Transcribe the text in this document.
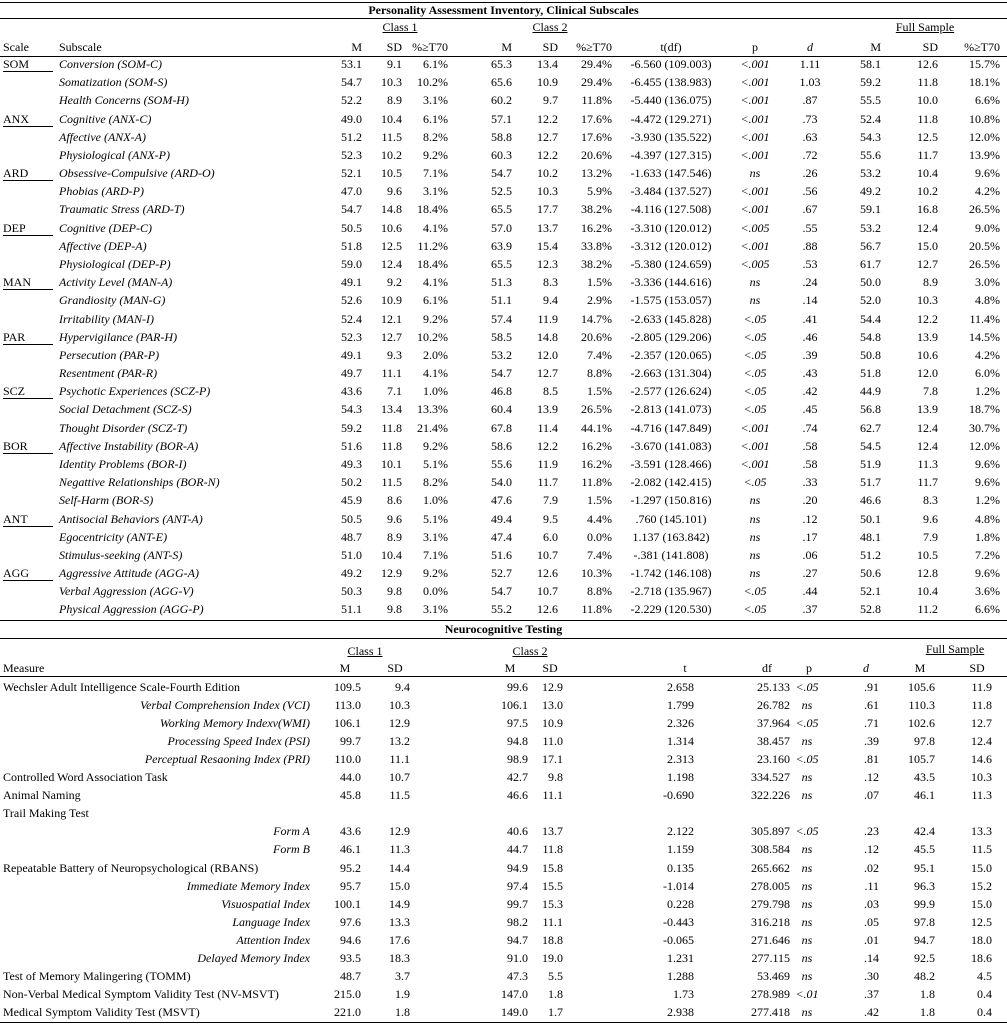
Personality Assessment Inventory, Clinical Subscales
Class 1	Class 2	Full Sample
Scale	Subscale	M	SD %≥T70	M	SD	%≥T70	t(df)	p	d	M	SD	%≥T70
SOM	Conversion (SOM-C)	53.1	9.1	6.1%	65.3	13.4	29.4%	-6.560 (109.003)	<.001	1.11	58.1	12.6	15.7%
Somatization (SOM-S)	54.7	10.3	10.2%	65.6	10.9	29.4%	-6.455 (138.983)	<.001	1.03	59.2	11.8	18.1%
Health Concerns (SOM-H)	52.2	8.9	3.1%	60.2	9.7	11.8%	-5.440 (136.075)	<.001	.87	55.5	10.0	6.6%
ANX	Cognitive (ANX-C)	49.0	10.4	6.1%	57.1	12.2	17.6%	-4.472 (129.271)	<.001	.73	52.4	11.8	10.8%
Affective (ANX-A)	51.2	11.5	8.2%	58.8	12.7	17.6%	-3.930 (135.522)	<.001	.63	54.3	12.5	12.0%
Physiological (ANX-P)	52.3	10.2	9.2%	60.3	12.2	20.6%	-4.397 (127.315)	<.001	.72	55.6	11.7	13.9%
ARD	Obsessive-Compulsive (ARD-O)	52.1	10.5	7.1%	54.7	10.2	13.2%	-1.633 (147.546)	ns	.26	53.2	10.4	9.6%
Phobias (ARD-P)	47.0	9.6	3.1%	52.5	10.3	5.9%	-3.484 (137.527)	<.001	.56	49.2	10.2	4.2%
Traumatic Stress (ARD-T)	54.7	14.8	18.4%	65.5	17.7	38.2%	-4.116 (127.508)	<.001	.67	59.1	16.8	26.5%
DEP	Cognitive (DEP-C)	50.5	10.6	4.1%	57.0	13.7	16.2%	-3.310 (120.012)	<.005	.55	53.2	12.4	9.0%
Affective (DEP-A)	51.8	12.5	11.2%	63.9	15.4	33.8%	-3.312 (120.012)	<.001	.88	56.7	15.0	20.5%
Physiological (DEP-P)	59.0	12.4	18.4%	65.5	12.3	38.2%	-5.380 (124.659)	<.005	.53	61.7	12.7	26.5%
MAN	Activity Level (MAN-A)	49.1	9.2	4.1%	51.3	8.3	1.5%	-3.336 (144.616)	ns	.24	50.0	8.9	3.0%
Grandiosity (MAN-G)	52.6	10.9	6.1%	51.1	9.4	2.9%	-1.575 (153.057)	ns	.14	52.0	10.3	4.8%
Irritability (MAN-I)	52.4	12.1	9.2%	57.4	11.9	14.7%	-2.633 (145.828)	<.05	.41	54.4	12.2	11.4%
PAR	Hypervigilance (PAR-H)	52.3	12.7	10.2%	58.5	14.8	20.6%	-2.805 (129.206)	<.05	.46	54.8	13.9	14.5%
Persecution (PAR-P)	49.1	9.3	2.0%	53.2	12.0	7.4%	-2.357 (120.065)	<.05	.39	50.8	10.6	4.2%
Resentment (PAR-R)	49.7	11.1	4.1%	54.7	12.7	8.8%	-2.663 (131.304)	<.05	.43	51.8	12.0	6.0%
SCZ	Psychotic Experiences (SCZ-P)	43.6	7.1	1.0%	46.8	8.5	1.5%	-2.577 (126.624)	<.05	.42	44.9	7.8	1.2%
Social Detachment (SCZ-S)	54.3	13.4	13.3%	60.4	13.9	26.5%	-2.813 (141.073)	<.05	.45	56.8	13.9	18.7%
Thought Disorder (SCZ-T)	59.2	11.8	21.4%	67.8	11.4	44.1%	-4.716 (147.849)	<.001	.74	62.7	12.4	30.7%
BOR	Affective Instability (BOR-A)	51.6	11.8	9.2%	58.6	12.2	16.2%	-3.670 (141.083)	<.001	.58	54.5	12.4	12.0%
Identity Problems (BOR-I)	49.3	10.1	5.1%	55.6	11.9	16.2%	-3.591 (128.466)	<.001	.58	51.9	11.3	9.6%
Negattive Relationships (BOR-N)	50.2	11.5	8.2%	54.0	11.7	11.8%	-2.082 (142.415)	<.05	.33	51.7	11.7	9.6%
Self-Harm (BOR-S)	45.9	8.6	1.0%	47.6	7.9	1.5%	-1.297 (150.816)	ns	.20	46.6	8.3	1.2%
ANT	Antisocial Behaviors (ANT-A)	50.5	9.6	5.1%	49.4	9.5	4.4%	.760 (145.101)	ns	.12	50.1	9.6	4.8%
Egocentricity (ANT-E)	48.7	8.9	3.1%	47.4	6.0	0.0%	1.137 (163.842)	ns	.17	48.1	7.9	1.8%
Stimulus-seeking (ANT-S)	51.0	10.4	7.1%	51.6	10.7	7.4%	-.381 (141.808)	ns	.06	51.2	10.5	7.2%
AGG	Aggressive Attitude (AGG-A)	49.2	12.9	9.2%	52.7	12.6	10.3%	-1.742 (146.108)	ns	.27	50.6	12.8	9.6%
Verbal Aggression (AGG-V)	50.3	9.8	0.0%	54.7	10.7	8.8%	-2.718 (135.967)	<.05	.44	52.1	10.4	3.6%
Physical Aggression (AGG-P)	51.1	9.8	3.1%	55.2	12.6	11.8%	-2.229 (120.530)	<.05	.37	52.8	11.2	6.6%
Neurocognitive Testing
Class 1	Class 2	Full Sample
Measure	M	SD	M	SD	t	df	p	d	M	SD
Wechsler Adult Intelligence Scale-Fourth Edition	109.5	9.4	99.6	12.9	2.658	25.133 <.05	.91 105.6	11.9
Verbal Comprehension Index (VCI)	113.0	10.3	106.1	13.0	1.799	26.782 ns	.61 110.3	11.8
Working Memory Indexv(WMI)	106.1	12.9	97.5	10.9	2.326	37.964 <.05	.71 102.6	12.7
Processing Speed Index (PSI)	99.7	13.2	94.8	11.0	1.314	38.457 ns	.39	97.8	12.4
Perceptual Resaoning Index (PRI)	110.0	11.1	98.9	17.1	2.313	23.160 <.05	.81 105.7	14.6
Controlled Word Association Task	44.0	10.7	42.7	9.8	1.198	334.527 ns	.12	43.5	10.3
Animal Naming	45.8	11.5	46.6	11.1	-0.690	322.226 ns	.07	46.1	11.3
Trail Making Test
Form A	43.6	12.9	40.6	13.7	2.122	305.897 <.05	.23	42.4	13.3
Form B	46.1	11.3	44.7	11.8	1.159	308.584 ns	.12	45.5	11.5
Repeatable Battery of Neuropsychological (RBANS)	95.2	14.4	94.9	15.8	0.135	265.662 ns	.02	95.1	15.0
Immediate Memory Index	95.7	15.0	97.4	15.5	-1.014	278.005 ns	.11	96.3	15.2
Visuospatial Index	100.1	14.9	99.7	15.3	0.228	279.798 ns	.03	99.9	15.0
Language Index	97.6	13.3	98.2	11.1	-0.443	316.218 ns	.05	97.8	12.5
Attention Index	94.6	17.6	94.7	18.8	-0.065	271.646 ns	.01	94.7	18.0
Delayed Memory Index	93.5	18.3	91.0	19.0	1.231	277.115 ns	.14	92.5	18.6
Test of Memory Malingering (TOMM)	48.7	3.7	47.3	5.5	1.288	53.469 ns	.30	48.2	4.5
Non-Verbal Medical Symptom Validity Test (NV-MSVT)	215.0	1.9	147.0	1.8	1.73	278.989 <.01	.37	1.8	0.4
Medical Symptom Validity Test (MSVT)	221.0	1.8	149.0	1.7	2.938	277.418 ns	.42	1.8	0.4
